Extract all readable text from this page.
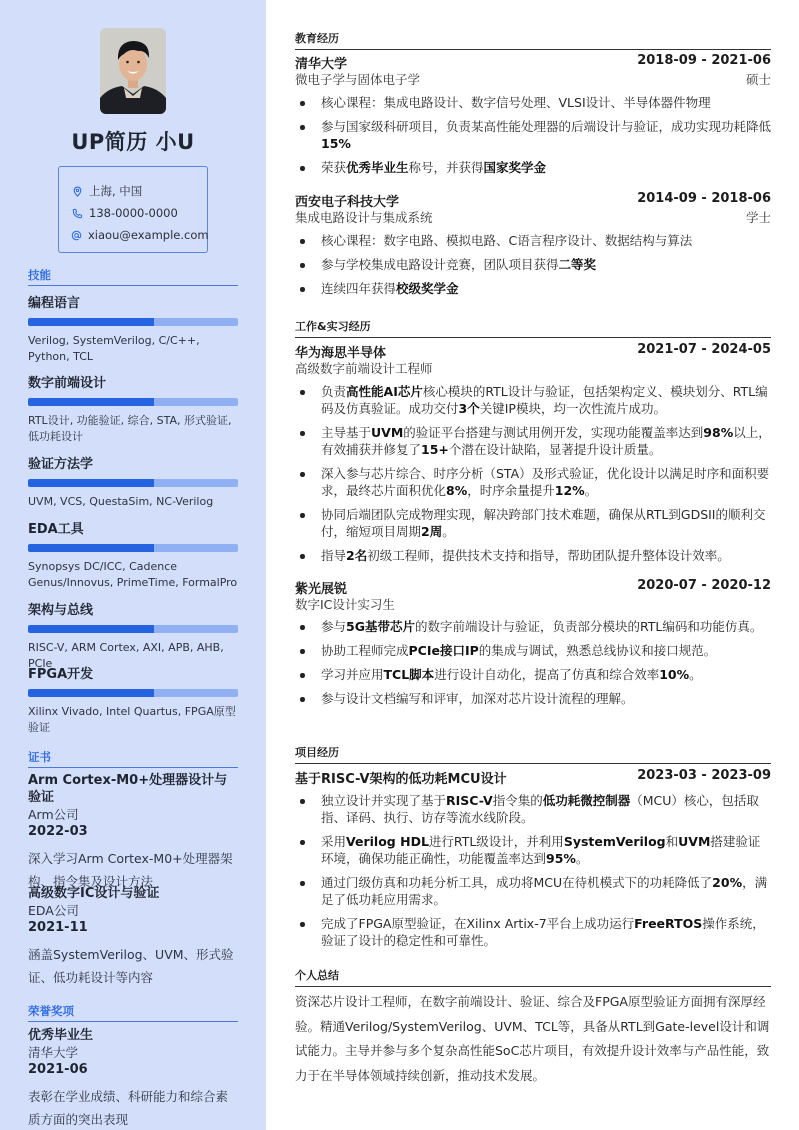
UP简历 小U
上海, 中国
138-0000-0000
xiaou@example.com
技能
编程语言
Verilog, SystemVerilog, C/C++, Python, TCL
数字前端设计
RTL设计, 功能验证, 综合, STA, 形式验证, 低功耗设计
验证方法学
UVM, VCS, QuestaSim, NC-Verilog
EDA工具
Synopsys DC/ICC, Cadence Genus/Innovus, PrimeTime, FormalPro
架构与总线
RISC-V, ARM Cortex, AXI, APB, AHB, PCIe
FPGA开发
Xilinx Vivado, Intel Quartus, FPGA原型验证
证书
Arm Cortex-M0+处理器设计与验证
Arm公司
2022-03
深入学习Arm Cortex-M0+处理器架构、指令集及设计方法
高级数字IC设计与验证
EDA公司
2021-11
涵盖SystemVerilog、UVM、形式验证、低功耗设计等内容
荣誉奖项
优秀毕业生
清华大学
2021-06
表彰在学业成绩、科研能力和综合素质方面的突出表现
教育经历
清华大学	2018-09 - 2021-06
微电子学与固体电子学	硕士
核心课程：集成电路设计、数字信号处理、VLSI设计、半导体器件物理
参与国家级科研项目，负责某高性能处理器的后端设计与验证，成功实现功耗降低15%
荣获优秀毕业生称号，并获得国家奖学金
西安电子科技大学	2014-09 - 2018-06
集成电路设计与集成系统	学士
核心课程：数字电路、模拟电路、C语言程序设计、数据结构与算法
参与学校集成电路设计竞赛，团队项目获得二等奖
连续四年获得校级奖学金
工作&实习经历
华为海思半导体	2021-07 - 2024-05
高级数字前端设计工程师
负责高性能AI芯片核心模块的RTL设计与验证，包括架构定义、模块划分、RTL编码及仿真验证。成功交付3个关键IP模块，均一次性流片成功。
主导基于UVM的验证平台搭建与测试用例开发，实现功能覆盖率达到98%以上，有效捕获并修复了15+个潜在设计缺陷，显著提升设计质量。
深入参与芯片综合、时序分析（STA）及形式验证，优化设计以满足时序和面积要求，最终芯片面积优化8%，时序余量提升12%。
协同后端团队完成物理实现，解决跨部门技术难题，确保从RTL到GDSII的顺利交付，缩短项目周期2周。
指导2名初级工程师，提供技术支持和指导，帮助团队提升整体设计效率。
紫光展锐	2020-07 - 2020-12
数字IC设计实习生
参与5G基带芯片的数字前端设计与验证，负责部分模块的RTL编码和功能仿真。
协助工程师完成PCIe接口IP的集成与调试，熟悉总线协议和接口规范。
学习并应用TCL脚本进行设计自动化，提高了仿真和综合效率10%。
参与设计文档编写和评审，加深对芯片设计流程的理解。
项目经历
基于RISC-V架构的低功耗MCU设计	2023-03 - 2023-09
独立设计并实现了基于RISC-V指令集的低功耗微控制器（MCU）核心，包括取指、译码、执行、访存等流水线阶段。
采用Verilog HDL进行RTL级设计，并利用SystemVerilog和UVM搭建验证环境，确保功能正确性，功能覆盖率达到95%。
通过门级仿真和功耗分析工具，成功将MCU在待机模式下的功耗降低了20%，满足了低功耗应用需求。
完成了FPGA原型验证，在Xilinx Artix-7平台上成功运行FreeRTOS操作系统，验证了设计的稳定性和可靠性。
个人总结
资深芯片设计工程师，在数字前端设计、验证、综合及FPGA原型验证方面拥有深厚经验。精通Verilog/SystemVerilog、UVM、TCL等，具备从RTL到Gate-level设计和调试能力。主导并参与多个复杂高性能SoC芯片项目，有效提升设计效率与产品性能，致力于在半导体领域持续创新，推动技术发展。
